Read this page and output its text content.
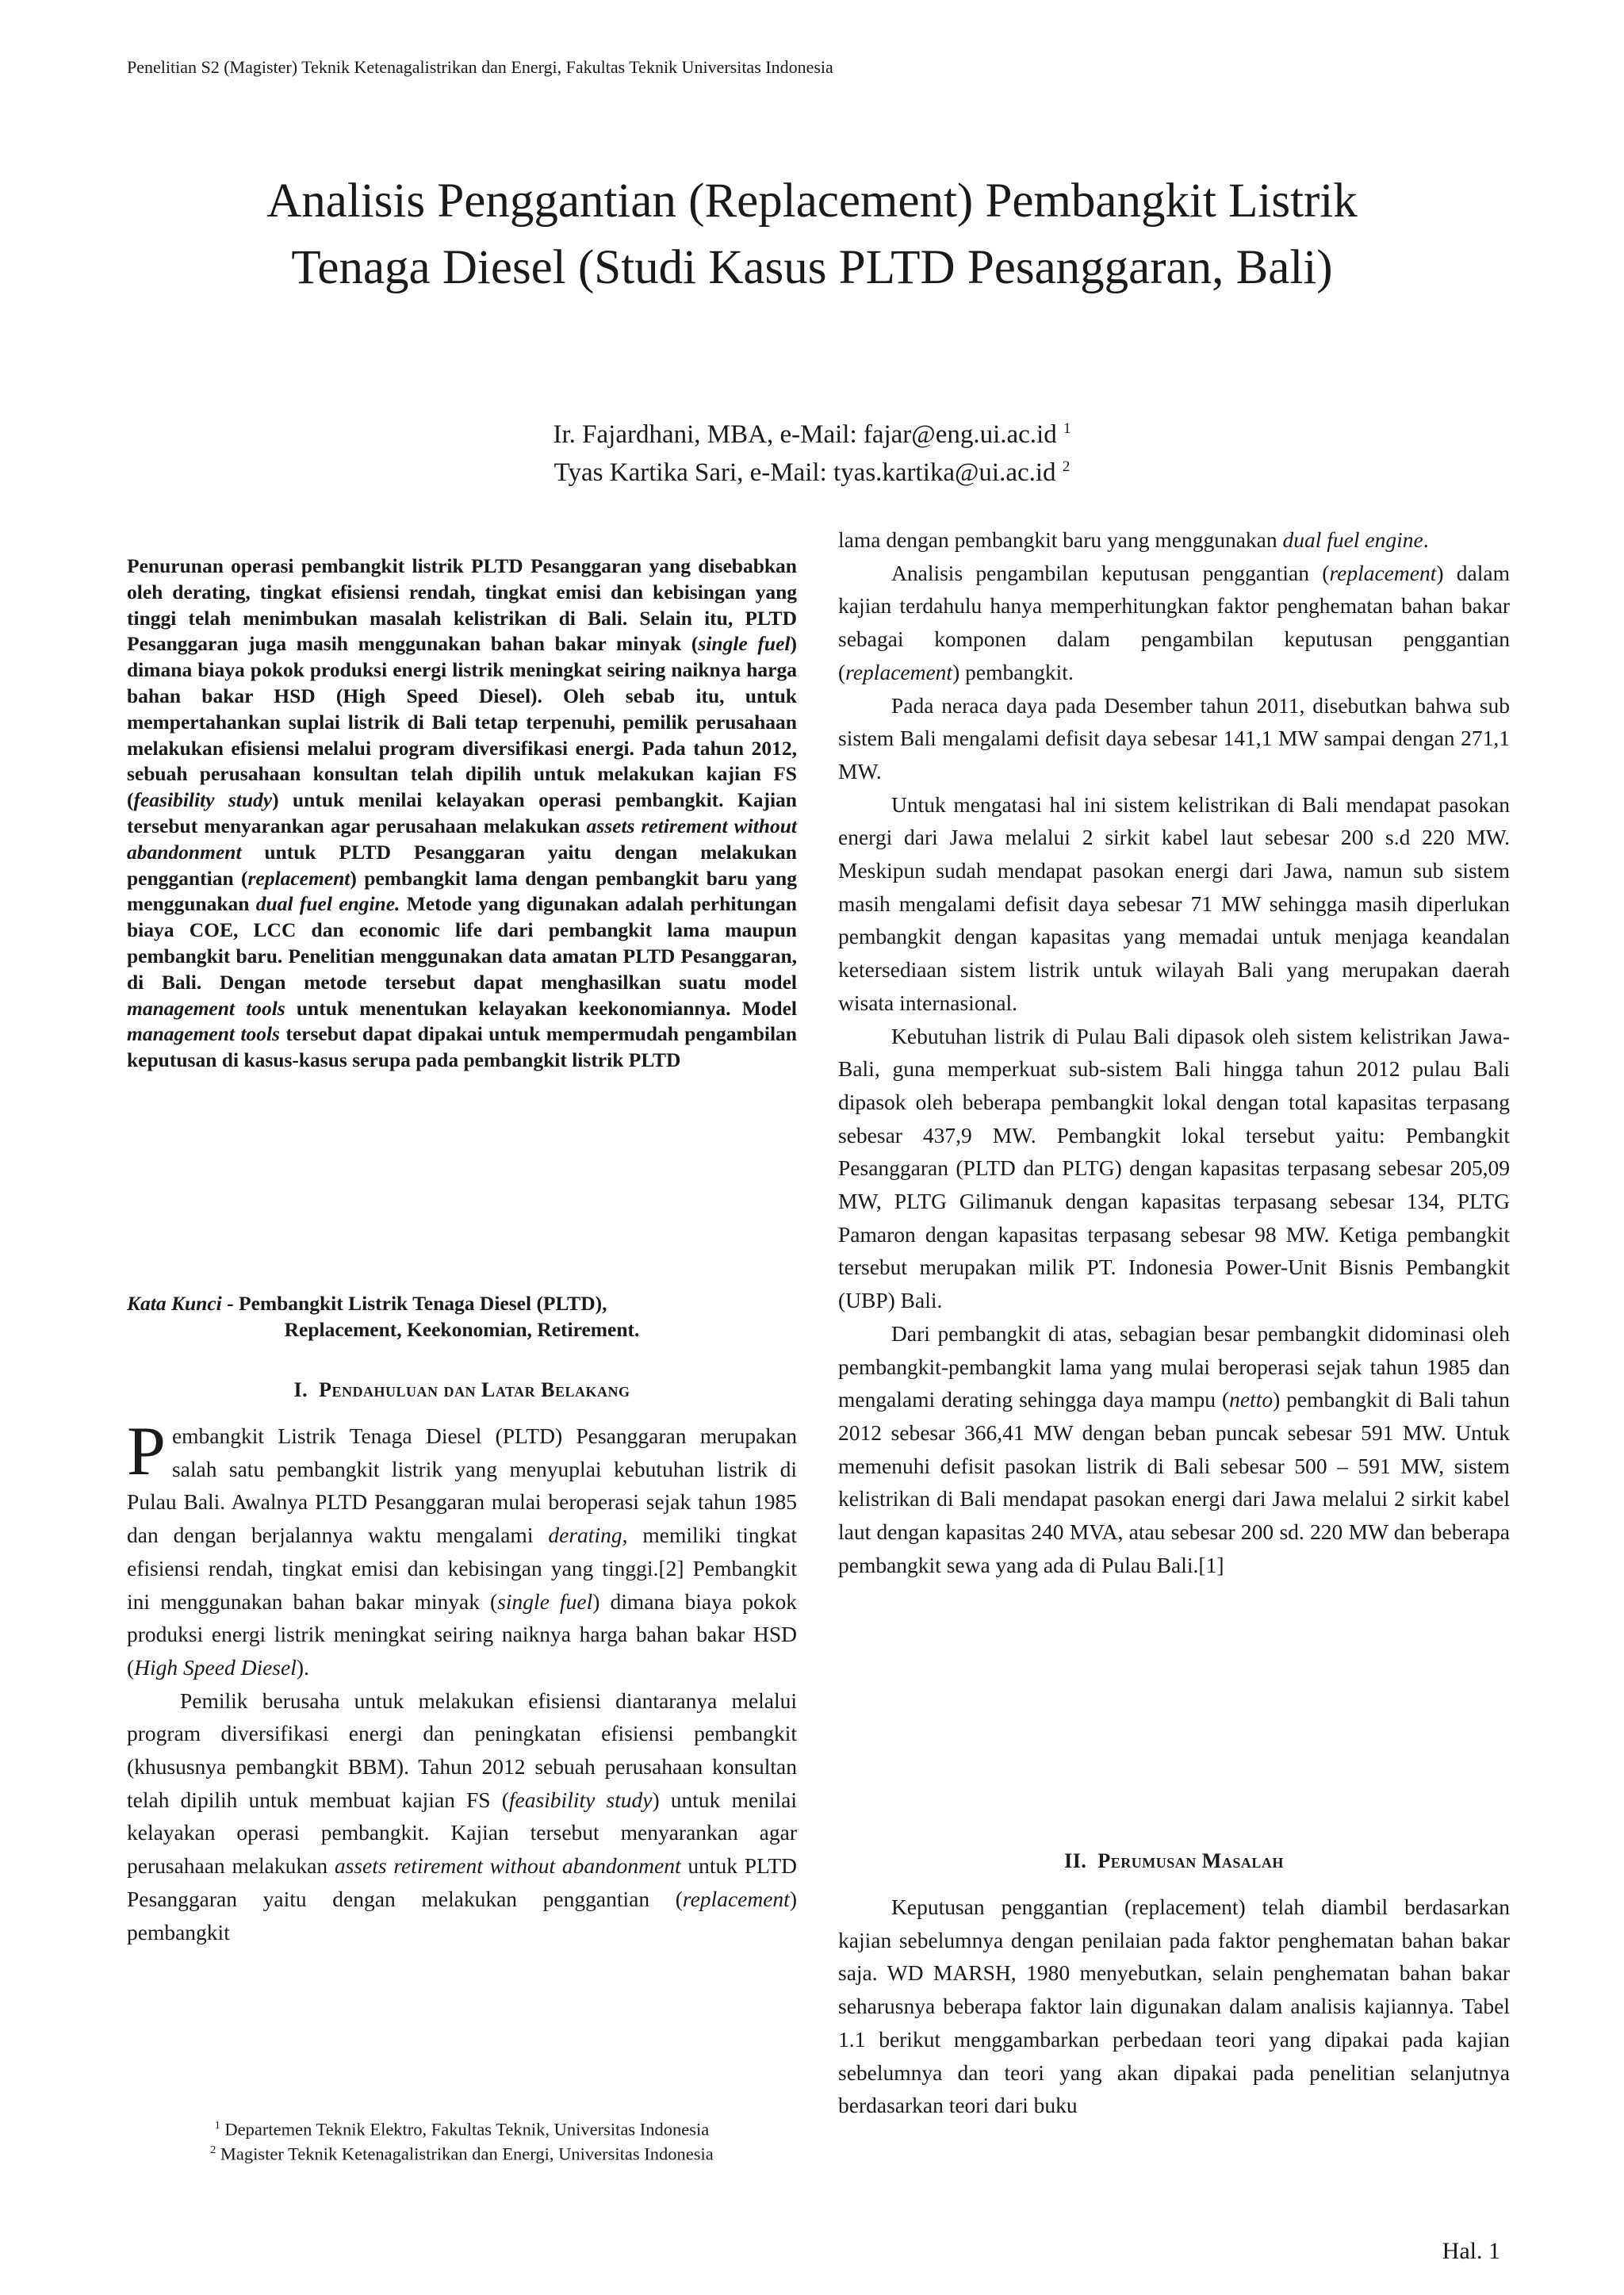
Penelitian S2 (Magister) Teknik Ketenagalistrikan dan Energi, Fakultas Teknik Universitas Indonesia
Analisis Penggantian (Replacement) Pembangkit Listrik
Tenaga Diesel (Studi Kasus PLTD Pesanggaran, Bali)
Ir. Fajardhani, MBA, e-Mail: fajar@eng.ui.ac.id $^1$
Tyas Kartika Sari, e-Mail: tyas.kartika@ui.ac.id $^2$

Penurunan operasi pembangkit listrik PLTD Pesanggaran yang disebabkan oleh derating, tingkat efisiensi rendah, tingkat emisi dan kebisingan yang tinggi telah menimbukan masalah kelistrikan di Bali. Selain itu, PLTD Pesanggaran juga masih menggunakan bahan bakar minyak (single fuel) dimana biaya pokok produksi energi listrik meningkat seiring naiknya harga bahan bakar HSD (High Speed Diesel). Oleh sebab itu, untuk mempertahankan suplai listrik di Bali tetap terpenuhi, pemilik perusahaan melakukan efisiensi melalui program diversifikasi energi. Pada tahun 2012, sebuah perusahaan konsultan telah dipilih untuk melakukan kajian FS (feasibility study) untuk menilai kelayakan operasi pembangkit. Kajian tersebut menyarankan agar perusahaan melakukan assets retirement without abandonment untuk PLTD Pesanggaran yaitu dengan melakukan penggantian (replacement) pembangkit lama dengan pembangkit baru yang menggunakan dual fuel engine. Metode yang digunakan adalah perhitungan biaya COE, LCC dan economic life dari pembangkit lama maupun pembangkit baru. Penelitian menggunakan data amatan PLTD Pesanggaran, di Bali. Dengan metode tersebut dapat menghasilkan suatu model management tools untuk menentukan kelayakan keekonomiannya. Model management tools tersebut dapat dipakai untuk mempermudah pengambilan keputusan di kasus-kasus serupa pada pembangkit listrik PLTD

Kata Kunci - Pembangkit Listrik Tenaga Diesel (PLTD),
Replacement, Keekonomian, Retirement.

I. Pendahuluan dan Latar Belakang

Pembangkit Listrik Tenaga Diesel (PLTD) Pesanggaran merupakan salah satu pembangkit listrik yang menyuplai kebutuhan listrik di Pulau Bali. Awalnya PLTD Pesanggaran mulai beroperasi sejak tahun 1985 dan dengan berjalannya waktu mengalami derating, memiliki tingkat efisiensi rendah, tingkat emisi dan kebisingan yang tinggi.[2] Pembangkit ini menggunakan bahan bakar minyak (single fuel) dimana biaya pokok produksi energi listrik meningkat seiring naiknya harga bahan bakar HSD (High Speed Diesel).

Pemilik berusaha untuk melakukan efisiensi diantaranya melalui program diversifikasi energi dan peningkatan efisiensi pembangkit (khususnya pembangkit BBM). Tahun 2012 sebuah perusahaan konsultan telah dipilih untuk membuat kajian FS (feasibility study) untuk menilai kelayakan operasi pembangkit. Kajian tersebut menyarankan agar perusahaan melakukan assets retirement without abandonment untuk PLTD Pesanggaran yaitu dengan melakukan penggantian (replacement) pembangkit

lama dengan pembangkit baru yang menggunakan dual fuel engine.

Analisis pengambilan keputusan penggantian (replacement) dalam kajian terdahulu hanya memperhitungkan faktor penghematan bahan bakar sebagai komponen dalam pengambilan keputusan penggantian (replacement) pembangkit.

Pada neraca daya pada Desember tahun 2011, disebutkan bahwa sub sistem Bali mengalami defisit daya sebesar 141,1 MW sampai dengan 271,1 MW.

Untuk mengatasi hal ini sistem kelistrikan di Bali mendapat pasokan energi dari Jawa melalui 2 sirkit kabel laut sebesar 200 s.d 220 MW. Meskipun sudah mendapat pasokan energi dari Jawa, namun sub sistem masih mengalami defisit daya sebesar 71 MW sehingga masih diperlukan pembangkit dengan kapasitas yang memadai untuk menjaga keandalan ketersediaan sistem listrik untuk wilayah Bali yang merupakan daerah wisata internasional.

Kebutuhan listrik di Pulau Bali dipasok oleh sistem kelistrikan Jawa-Bali, guna memperkuat sub-sistem Bali hingga tahun 2012 pulau Bali dipasok oleh beberapa pembangkit lokal dengan total kapasitas terpasang sebesar 437,9 MW. Pembangkit lokal tersebut yaitu: Pembangkit Pesanggaran (PLTD dan PLTG) dengan kapasitas terpasang sebesar 205,09 MW, PLTG Gilimanuk dengan kapasitas terpasang sebesar 134, PLTG Pamaron dengan kapasitas terpasang sebesar 98 MW. Ketiga pembangkit tersebut merupakan milik PT. Indonesia Power-Unit Bisnis Pembangkit (UBP) Bali.

Dari pembangkit di atas, sebagian besar pembangkit didominasi oleh pembangkit-pembangkit lama yang mulai beroperasi sejak tahun 1985 dan mengalami derating sehingga daya mampu (netto) pembangkit di Bali tahun 2012 sebesar 366,41 MW dengan beban puncak sebesar 591 MW. Untuk memenuhi defisit pasokan listrik di Bali sebesar 500 – 591 MW, sistem kelistrikan di Bali mendapat pasokan energi dari Jawa melalui 2 sirkit kabel laut dengan kapasitas 240 MVA, atau sebesar 200 sd. 220 MW dan beberapa pembangkit sewa yang ada di Pulau Bali.[1]

II. Perumusan Masalah

Keputusan penggantian (replacement) telah diambil berdasarkan kajian sebelumnya dengan penilaian pada faktor penghematan bahan bakar saja. WD MARSH, 1980 menyebutkan, selain penghematan bahan bakar seharusnya beberapa faktor lain digunakan dalam analisis kajiannya. Tabel 1.1 berikut menggambarkan perbedaan teori yang dipakai pada kajian sebelumnya dan teori yang akan dipakai pada penelitian selanjutnya berdasarkan teori dari buku

$^1$ Departemen Teknik Elektro, Fakultas Teknik, Universitas Indonesia
$^2$ Magister Teknik Ketenagalistrikan dan Energi, Universitas Indonesia
Hal. 1
